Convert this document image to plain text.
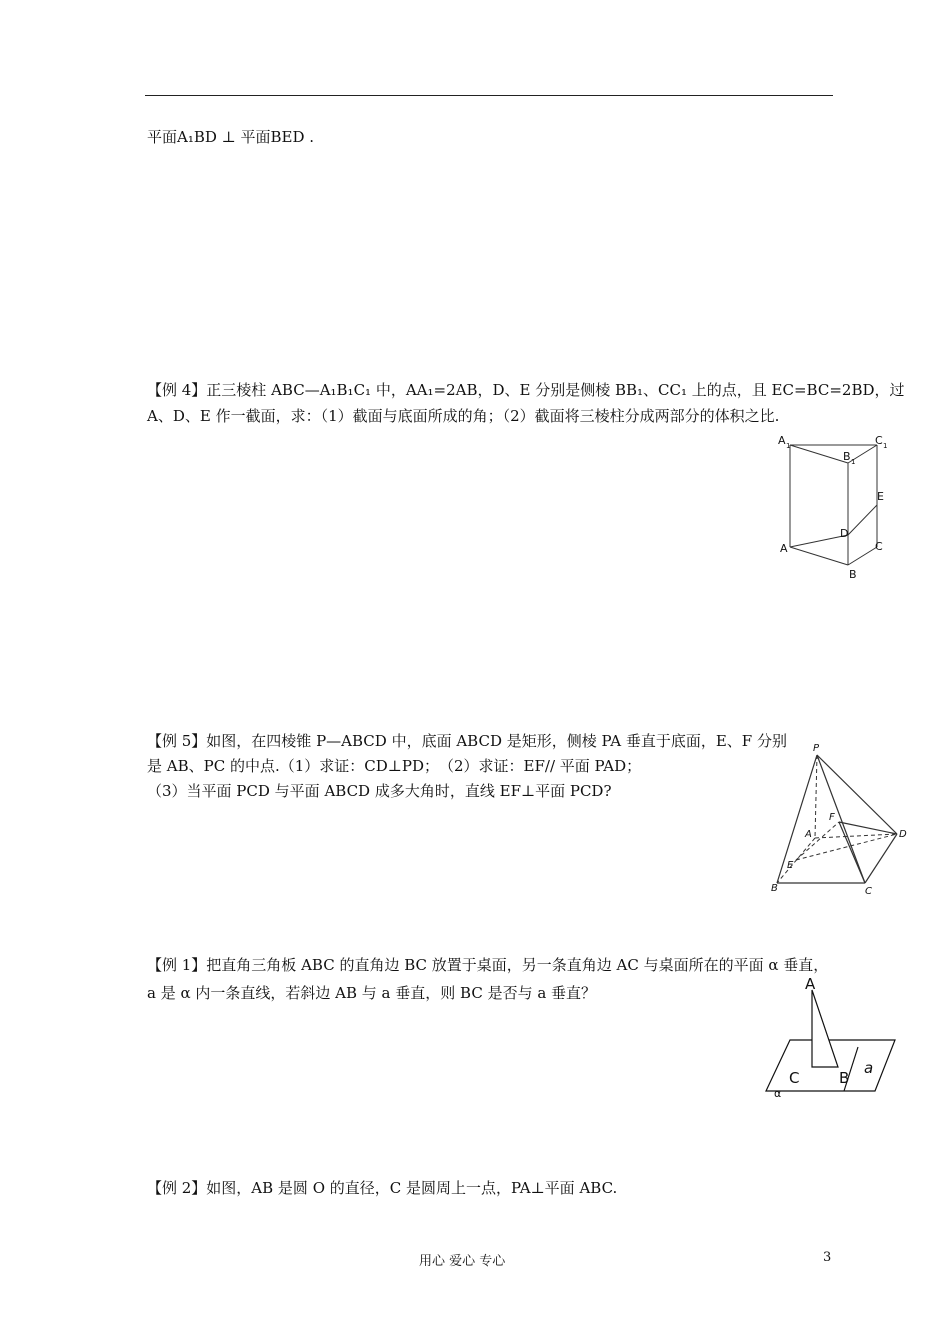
平面A₁BD ⊥ 平面BED .
【例 4】正三棱柱 ABC—A₁B₁C₁ 中，AA₁=2AB，D、E 分别是侧棱 BB₁、CC₁ 上的点，且 EC=BC=2BD，过
A、D、E 作一截面，求：（1）截面与底面所成的角；（2）截面将三棱柱分成两部分的体积之比.
A 1
B 1
C 1
E
D
A	C
B
【例 5】如图，在四棱锥 P—ABCD 中，底面 ABCD 是矩形，侧棱 PA 垂直于底面，E、F 分别
是 AB、PC 的中点.（1）求证：CD⊥PD；　（2）求证：EF// 平面 PAD；
（3）当平面 PCD 与平面 ABCD 成多大角时，直线 EF⊥平面 PCD?
P
F
A	D
E
B	C
【例 1】把直角三角板 ABC 的直角边 BC 放置于桌面，另一条直角边 AC 与桌面所在的平面 α 垂直，
a 是 α 内一条直线，若斜边 AB 与 a 垂直，则 BC 是否与 a 垂直？	A
C	B
a
α
【例 2】如图，AB 是圆 O 的直径，C 是圆周上一点，PA⊥平面 ABC.
用心 爱心 专心	3
